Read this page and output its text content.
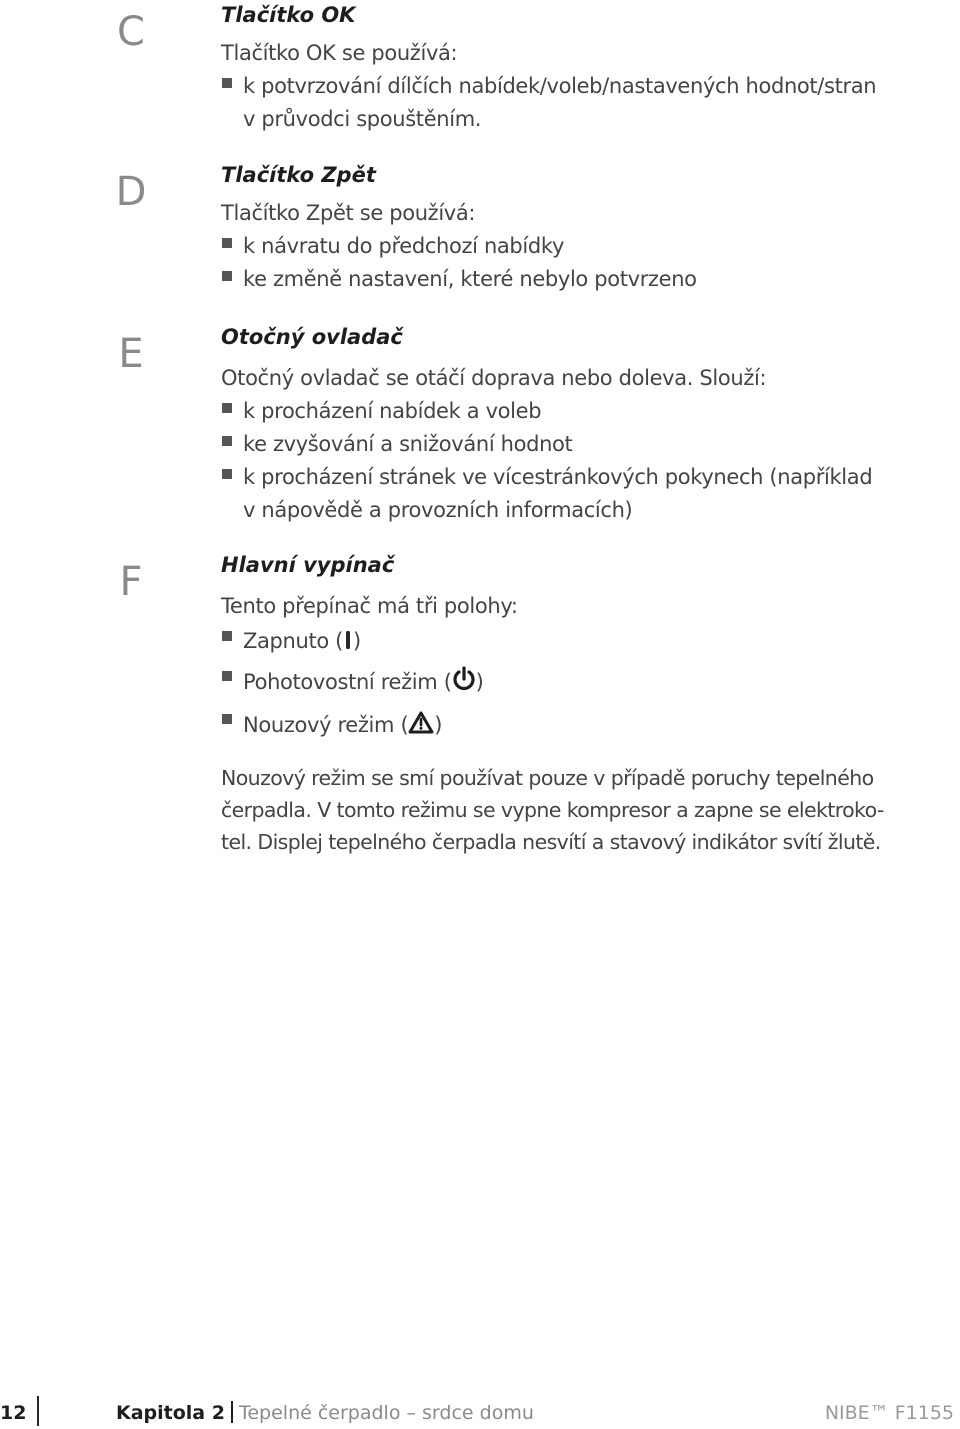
C
D
E
F

Tlačítko OK

Tlačítko OK se používá:

k potvrzování dílčích nabídek/voleb/nastavených hodnot/stran
v průvodci spouštěním.

Tlačítko Zpět

Tlačítko Zpět se používá:

k návratu do předchozí nabídky
ke změně nastavení, které nebylo potvrzeno

Otočný ovladač

Otočný ovladač se otáčí doprava nebo doleva. Slouží:

k procházení nabídek a voleb
ke zvyšování a snižování hodnot
k procházení stránek ve vícestránkových pokynech (například
v nápovědě a provozních informacích)

Hlavní vypínač

Tento přepínač má tři polohy:

Zapnuto ( )
Pohotovostní režim ( )
Nouzový režim ( )

Nouzový režim se smí používat pouze v případě poruchy tepelného

čerpadla. V tomto režimu se vypne kompresor a zapne se elektroko-

tel. Displej tepelného čerpadla nesvítí a stavový indikátor svítí žlutě.

12	Kapitola 2 Tepelné čerpadlo – srdce domu	NIBE™ F1155
